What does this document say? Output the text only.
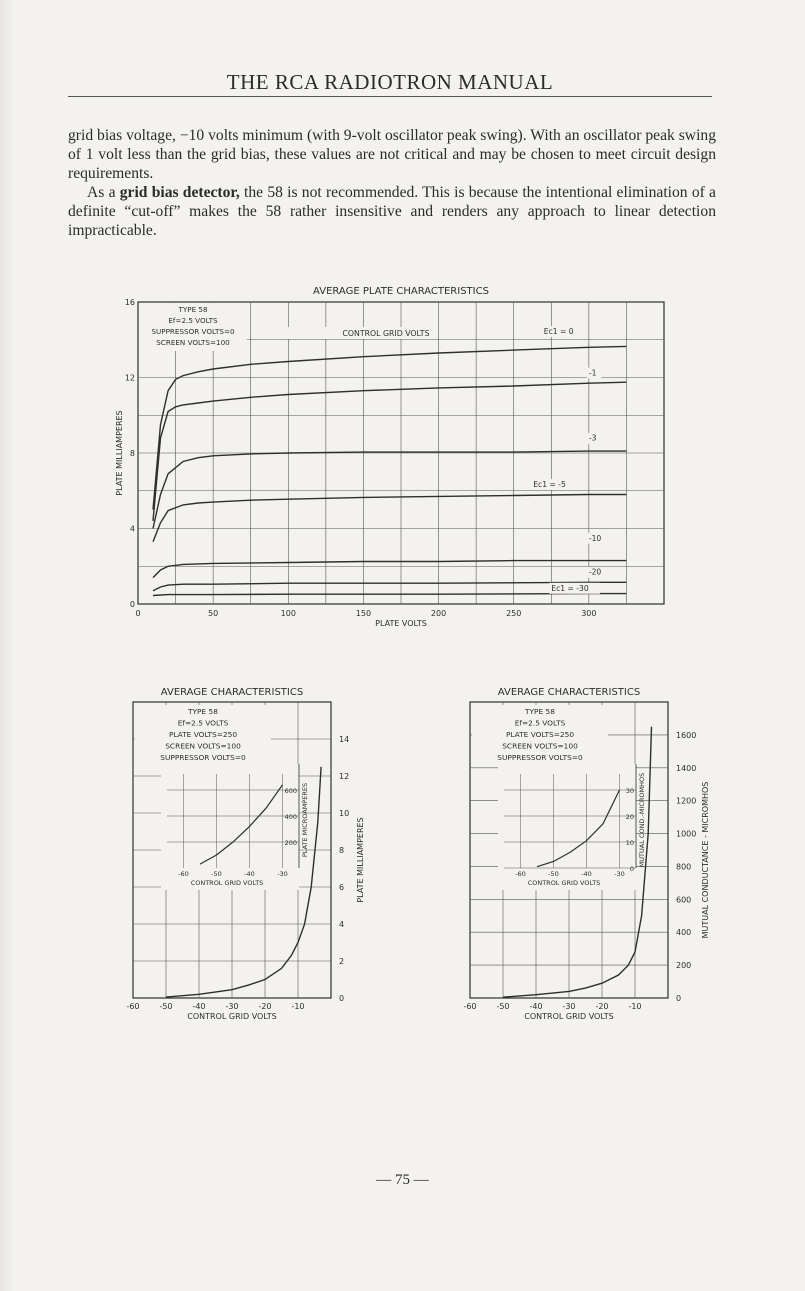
THE RCA RADIOTRON MANUAL

grid bias voltage, −10 volts minimum (with 9-volt oscillator peak swing). With an oscillator peak swing of 1 volt less than the grid bias, these values are not critical and may be chosen to meet circuit design requirements.

As a grid bias detector, the 58 is not recommended. This is because the intentional elimination of a definite “cut-off” makes the 58 rather insensitive and renders any approach to linear detection impracticable.

AVERAGE PLATE CHARACTERISTICS
0	50	100	150	200	250	300
0
4
8
12
16
PLATE VOLTS
PLATE MILLIAMPERES
TYPE 58
Ef=2.5 VOLTS
SUPPRESSOR VOLTS=0
SCREEN VOLTS=100
CONTROL GRID VOLTS	Ec1 = 0
-1
-3
Ec1 = -5
-10
-20
Ec1 = -30
AVERAGE CHARACTERISTICS
-60 -50 -40 -30 -20 -10
CONTROL GRID VOLTS
0
2
4
6
8
10
12
14
PLATE MILLIAMPERES
TYPE 58
Ef=2.5 VOLTS
PLATE VOLTS=250
SCREEN VOLTS=100
SUPPRESSOR VOLTS=0
200
400
600
-60	-50	-40	-30
CONTROL GRID VOLTS
PLATE MICROAMPERES
AVERAGE CHARACTERISTICS
-60 -50 -40 -30 -20 -10
CONTROL GRID VOLTS
0
200
400
600
800
1000
1200
1400
1600
MUTUAL CONDUCTANCE - MICROMHOS
TYPE 58
Ef=2.5 VOLTS
PLATE VOLTS=250
SCREEN VOLTS=100
SUPPRESSOR VOLTS=0
0
10
20
30
-60	-50	-40	-30
CONTROL GRID VOLTS
MUTUAL COND.-MICROMHOS
— 75 —
